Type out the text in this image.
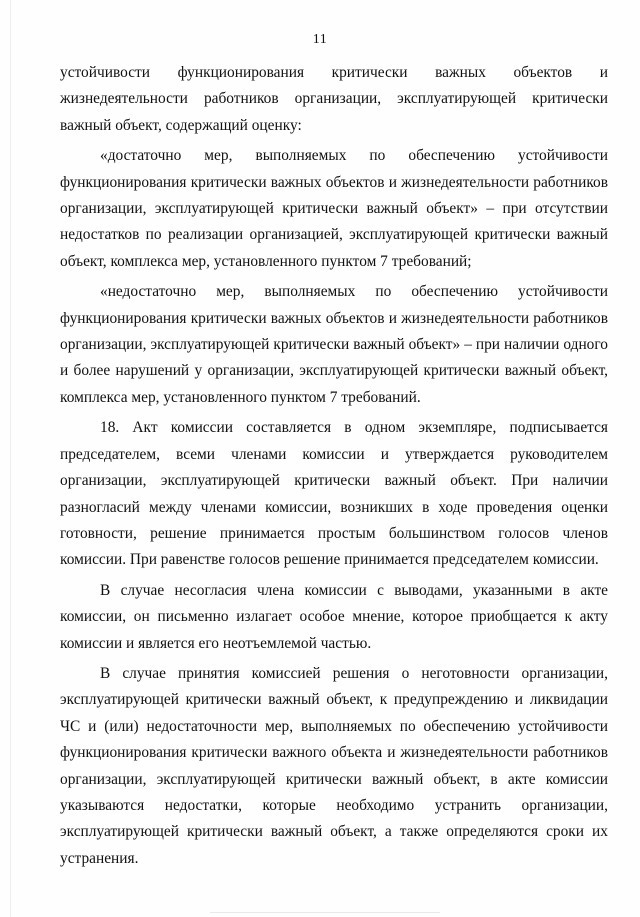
11

устойчивости функционирования критически важных объектов и жизнедеятельности работников организации, эксплуатирующей критически важный объект, содержащий оценку:

«достаточно мер, выполняемых по обеспечению устойчивости функционирования критически важных объектов и жизнедеятельности работников организации, эксплуатирующей критически важный объект» – при отсутствии недостатков по реализации организацией, эксплуатирующей критически важный объект, комплекса мер, установленного пунктом 7 требований;

«недостаточно мер, выполняемых по обеспечению устойчивости функционирования критически важных объектов и жизнедеятельности работников организации, эксплуатирующей критически важный объект» – при наличии одного и более нарушений у организации, эксплуатирующей критически важный объект, комплекса мер, установленного пунктом 7 требований.

18. Акт комиссии составляется в одном экземпляре, подписывается председателем, всеми членами комиссии и утверждается руководителем организации, эксплуатирующей критически важный объект. При наличии разногласий между членами комиссии, возникших в ходе проведения оценки готовности, решение принимается простым большинством голосов членов комиссии. При равенстве голосов решение принимается председателем комиссии.

В случае несогласия члена комиссии с выводами, указанными в акте комиссии, он письменно излагает особое мнение, которое приобщается к акту комиссии и является его неотъемлемой частью.

В случае принятия комиссией решения о неготовности организации, эксплуатирующей критически важный объект, к предупреждению и ликвидации ЧС и (или) недостаточности мер, выполняемых по обеспечению устойчивости функционирования критически важного объекта и жизнедеятельности работников организации, эксплуатирующей критически важный объект, в акте комиссии указываются недостатки, которые необходимо устранить организации, эксплуатирующей критически важный объект, а также определяются сроки их устранения.
